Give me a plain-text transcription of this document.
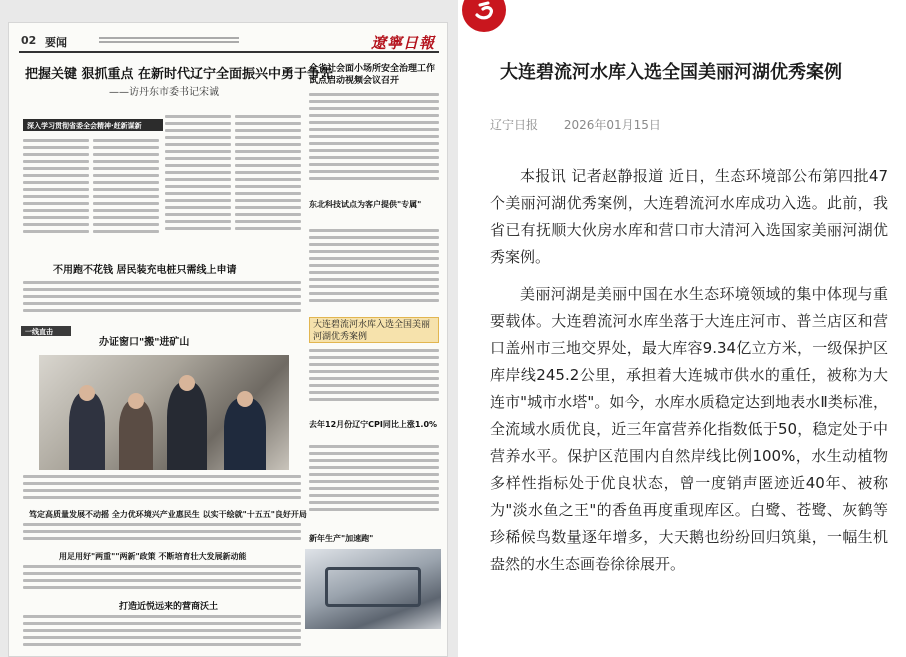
02 要闻	遼寧日報
把握关键 狠抓重点 在新时代辽宁全面振兴中勇于争先
——访丹东市委书记宋诚
深入学习贯彻省委全会精神·赶新谋新
不用跑不花钱 居民装充电桩只需线上申请
一线直击
办证窗口"搬"进矿山
笃定高质量发展不动摇 全力优环境兴产业惠民生 以实干绘就"十五五"良好开局
用足用好"两重""两新"政策 不断培育壮大发展新动能
打造近悦远来的营商沃土
全省社会面小场所安全治理工作试点启动视频会议召开
东北科技试点为客户提供"专属"
大连碧流河水库入选全国美丽河湖优秀案例
去年12月份辽宁CPI同比上涨1.0%
新年生产"加速跑"
大连碧流河水库入选全国美丽河湖优秀案例
辽宁日报 2026年01月15日

本报讯 记者赵静报道 近日，生态环境部公布第四批47个美丽河湖优秀案例，大连碧流河水库成功入选。此前，我省已有抚顺大伙房水库和营口市大清河入选国家美丽河湖优秀案例。

美丽河湖是美丽中国在水生态环境领域的集中体现与重要载体。大连碧流河水库坐落于大连庄河市、普兰店区和营口盖州市三地交界处，最大库容9.34亿立方米，一级保护区库岸线245.2公里，承担着大连城市供水的重任，被称为大连市"城市水塔"。如今，水库水质稳定达到地表水Ⅱ类标准，全流域水质优良，近三年富营养化指数低于50，稳定处于中营养水平。保护区范围内自然岸线比例100%，水生动植物多样性指标处于优良状态，曾一度销声匿迹近40年、被称为"淡水鱼之王"的香鱼再度重现库区。白鹭、苍鹭、灰鹤等珍稀候鸟数量逐年增多，大天鹅也纷纷回归筑巢，一幅生机盎然的水生态画卷徐徐展开。
